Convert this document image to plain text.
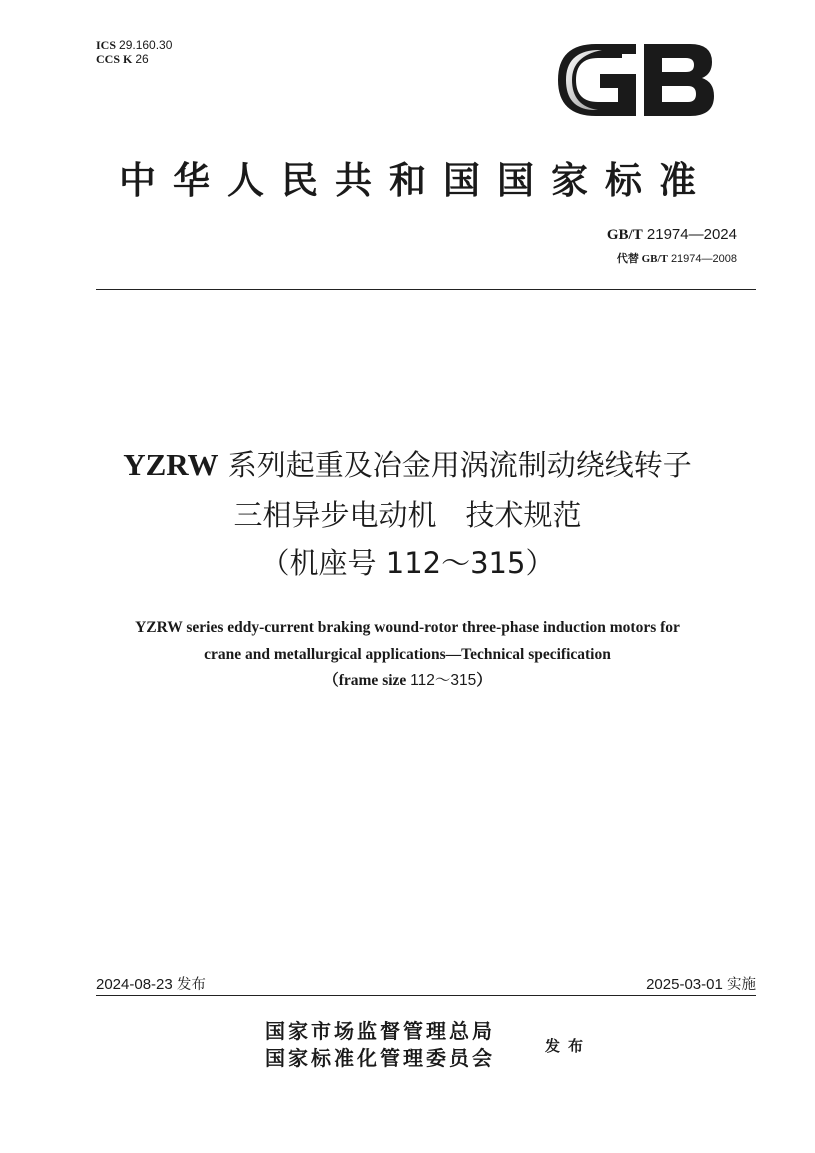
ICS 29.160.30
CCS K 26
GB
中华人民共和国国家标准
GB/T 21974—2024
代替 GB/T 21974—2008
YZRW 系列起重及冶金用涡流制动绕线转子
三相异步电动机　技术规范
（机座号 112～315）
YZRW series eddy-current braking wound-rotor three-phase induction motors for
crane and metallurgical applications—Technical specification
（frame size 112～315）
2024-08-23 发布	2025-03-01 实施
国家市场监督管理总局
国家标准化管理委员会	发布
